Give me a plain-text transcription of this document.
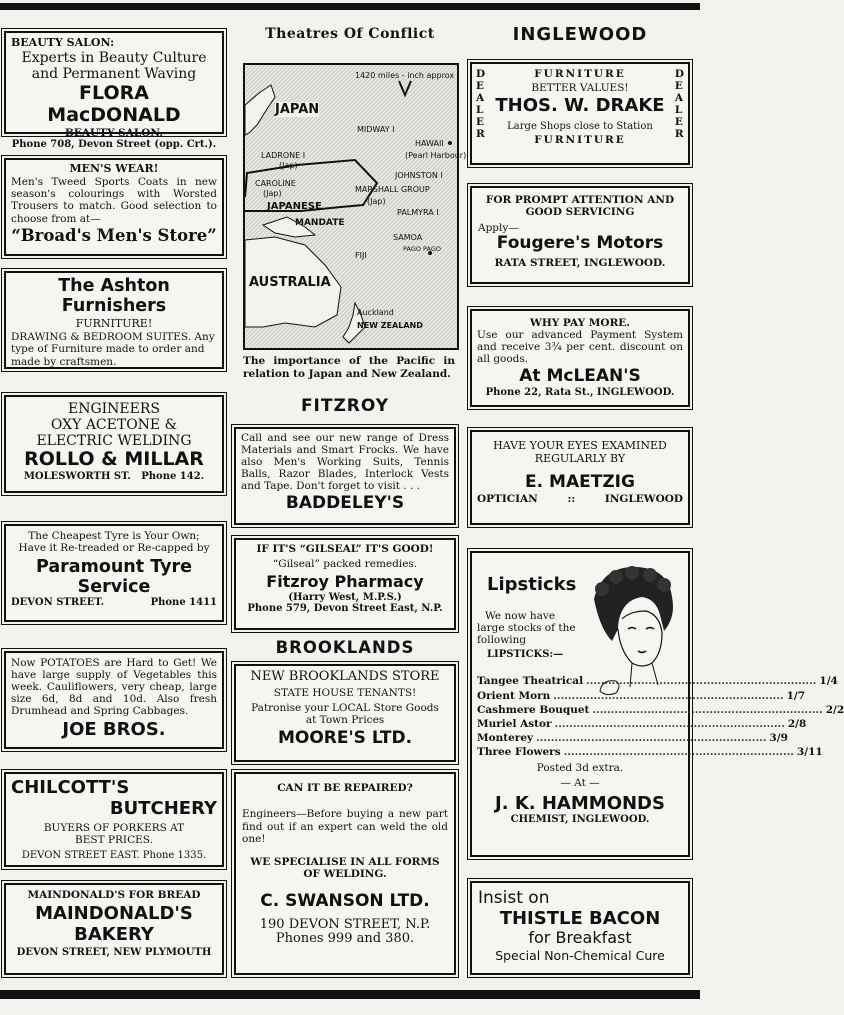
BEAUTY SALON:
Experts in Beauty Culture
and Permanent Waving
FLORA MacDONALD
BEAUTY SALON.
Phone 708, Devon Street (opp. Crt.).
MEN'S WEAR!
Men's Tweed Sports Coats in new season's colourings with Worsted Trousers to match. Good selection to choose from at—
“Broad's Men's Store”
The Ashton Furnishers
FURNITURE!
DRAWING & BEDROOM SUITES. Any type of Furniture made to order and made by craftsmen.
ENGINEERS
OXY ACETONE &
ELECTRIC WELDING
ROLLO & MILLAR
MOLESWORTH ST. Phone 142.
The Cheapest Tyre is Your Own;
Have it Re-treaded or Re-capped by
Paramount Tyre
Service
DEVON STREET.	Phone 1411
Now POTATOES are Hard to Get! We have large supply of Vegetables this week. Cauliflowers, very cheap, large size 6d, 8d and 10d. Also fresh Drumhead and Spring Cabbages.
JOE BROS.
CHILCOTT'S
BUTCHERY
BUYERS OF PORKERS AT
BEST PRICES.
DEVON STREET EAST. Phone 1335.
MAINDONALD'S FOR BREAD
MAINDONALD'S
BAKERY
DEVON STREET, NEW PLYMOUTH
Theatres Of Conflict
1420 miles - inch approx
JAPAN
MIDWAY I
HAWAII
(Pearl Harbour)
LADRONE I
(Jap)
JOHNSTON I
CAROLINE
(Jap)	MARSHALL GROUP
(Jap)
JAPANESE
PALMYRA I
MANDATE
SAMOA
PAGO PAGO
FIJI
AUSTRALIA
Auckland
NEW ZEALAND
The importance of the Pacific in relation to Japan and New Zealand.
FITZROY
Call and see our new range of Dress Materials and Smart Frocks. We have also Men's Working Suits, Tennis Balls, Razor Blades, Interlock Vests and Tape. Don't forget to visit . . .
BADDELEY'S
IF IT'S “GILSEAL” IT'S GOOD!
“Gilseal” packed remedies.
Fitzroy Pharmacy
(Harry West, M.P.S.)
Phone 579, Devon Street East, N.P.
BROOKLANDS
NEW BROOKLANDS STORE
STATE HOUSE TENANTS!
Patronise your LOCAL Store Goods
at Town Prices
MOORE'S LTD.
CAN IT BE REPAIRED?
Engineers—Before buying a new part find out if an expert can weld the old one!
WE SPECIALISE IN ALL FORMS OF WELDING.
C. SWANSON LTD.
190 DEVON STREET, N.P.
Phones 999 and 380.
INGLEWOOD
D
E
A
L
E
R
D
E
A
L
E
R
FURNITURE
BETTER VALUES!
THOS. W. DRAKE
Large Shops close to Station
FURNITURE
FOR PROMPT ATTENTION AND
GOOD SERVICING
Apply—
Fougere's Motors
RATA STREET, INGLEWOOD.
WHY PAY MORE.
Use our advanced Payment System and receive 3¾ per cent. discount on all goods.
At McLEAN'S
Phone 22, Rata St., INGLEWOOD.
HAVE YOUR EYES EXAMINED
REGULARLY BY
E. MAETZIG
OPTICIAN	::	INGLEWOOD
Lipsticks
We now have
large stocks of the
following
LIPSTICKS:—
Tangee Theatrical .....	1/4
Orient Morn .....	1/7
Cashmere Bouquet .....	2/2
Muriel Astor .....	2/8
Monterey .....	3/9
Three Flowers .....	3/11
Posted 3d extra.
— At —
J. K. HAMMONDS
CHEMIST, INGLEWOOD.
Insist on
THISTLE BACON
for Breakfast
Special Non-Chemical Cure
